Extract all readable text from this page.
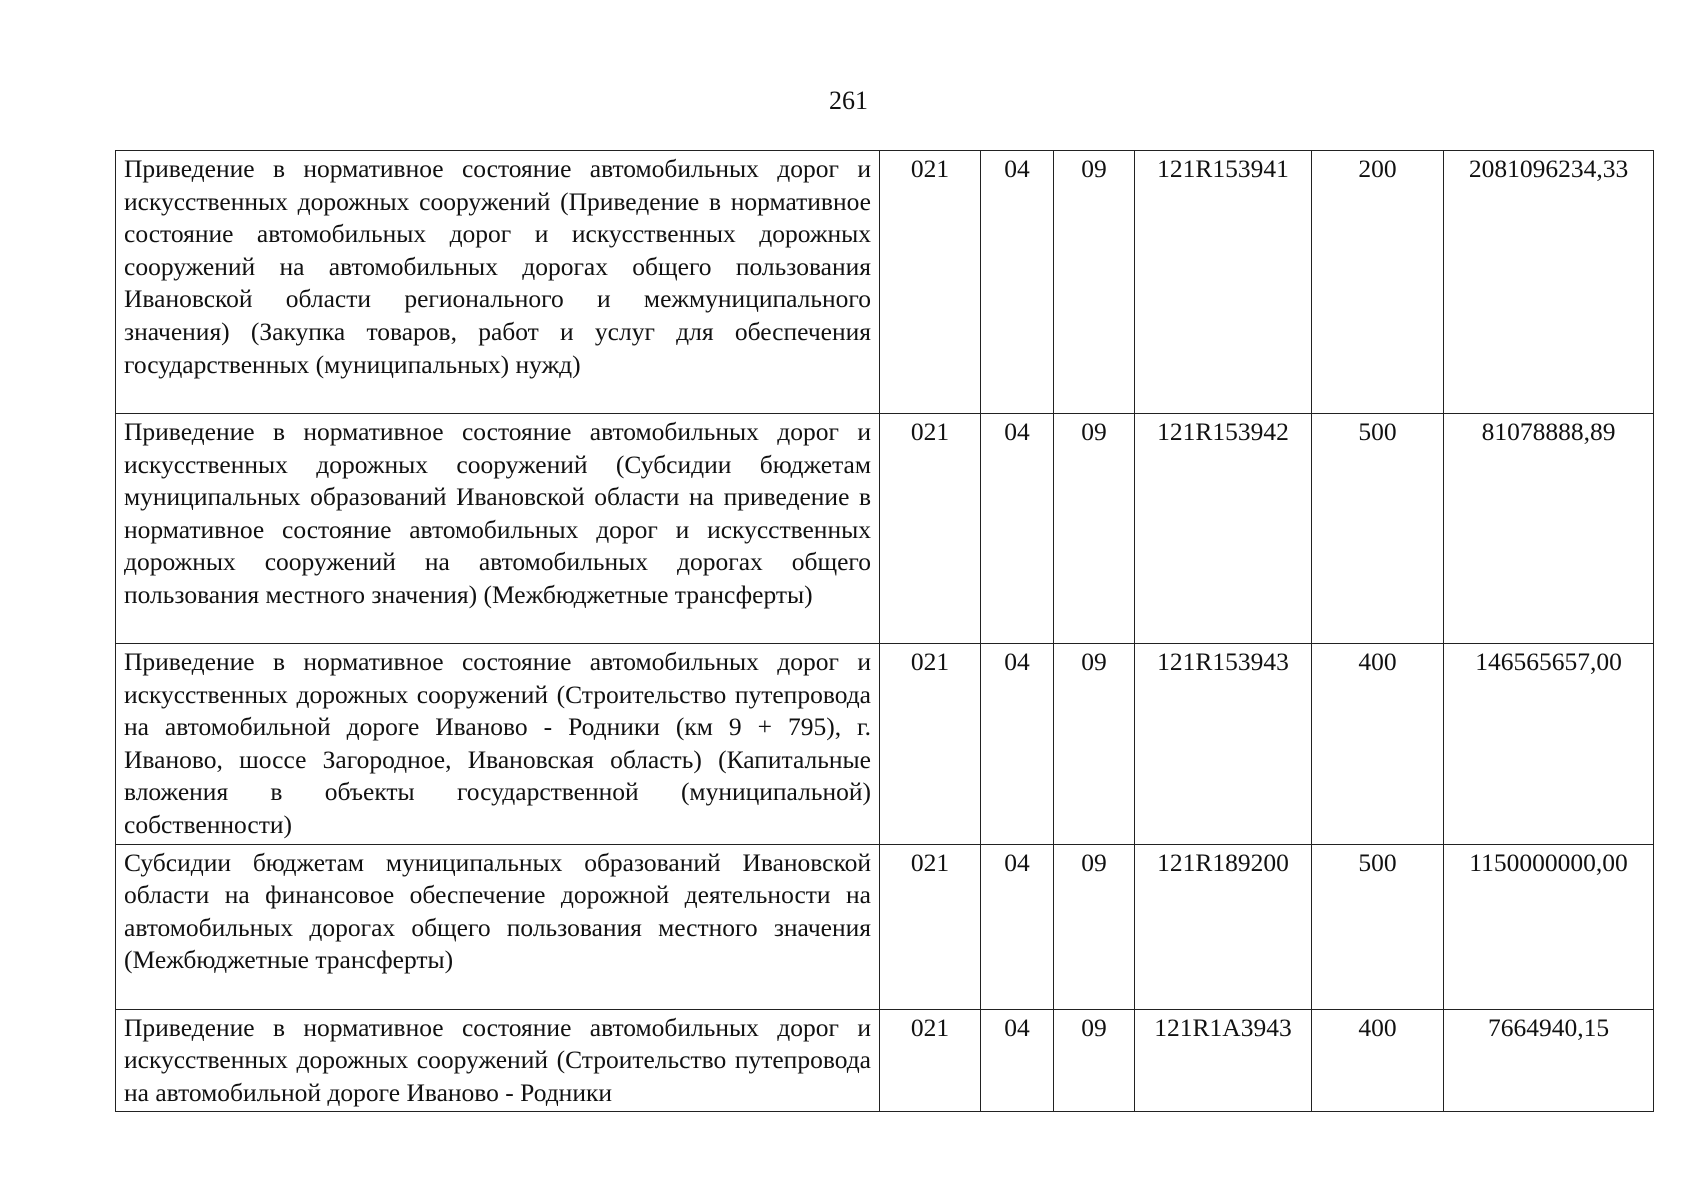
261
Приведение в нормативное состояние автомобильных дорог и искусственных дорожных сооружений (Приведение в нормативное состояние автомобильных дорог и искусственных дорожных сооружений на автомобильных дорогах общего пользования Ивановской области регионального и межмуниципального значения) (Закупка товаров, работ и услуг для обеспечения государственных (муниципальных) нужд)	021	04	09	121R153941	200	2081096234,33
Приведение в нормативное состояние автомобильных дорог и искусственных дорожных сооружений (Субсидии бюджетам муниципальных образований Ивановской области на приведение в нормативное состояние автомобильных дорог и искусственных дорожных сооружений на автомобильных дорогах общего пользования местного значения) (Межбюджетные трансферты)	021	04	09	121R153942	500	81078888,89
Приведение в нормативное состояние автомобильных дорог и искусственных дорожных сооружений (Строительство путепровода на автомобильной дороге Иваново - Родники (км 9 + 795), г. Иваново, шоссе Загородное, Ивановская область) (Капитальные вложения в объекты государственной (муниципальной) собственности)	021	04	09	121R153943	400	146565657,00
Субсидии бюджетам муниципальных образований Ивановской области на финансовое обеспечение дорожной деятельности на автомобильных дорогах общего пользования местного значения (Межбюджетные трансферты)	021	04	09	121R189200	500	1150000000,00
Приведение в нормативное состояние автомобильных дорог и искусственных дорожных сооружений (Строительство путепровода на автомобильной дороге Иваново - Родники	021	04	09	121R1A3943	400	7664940,15
